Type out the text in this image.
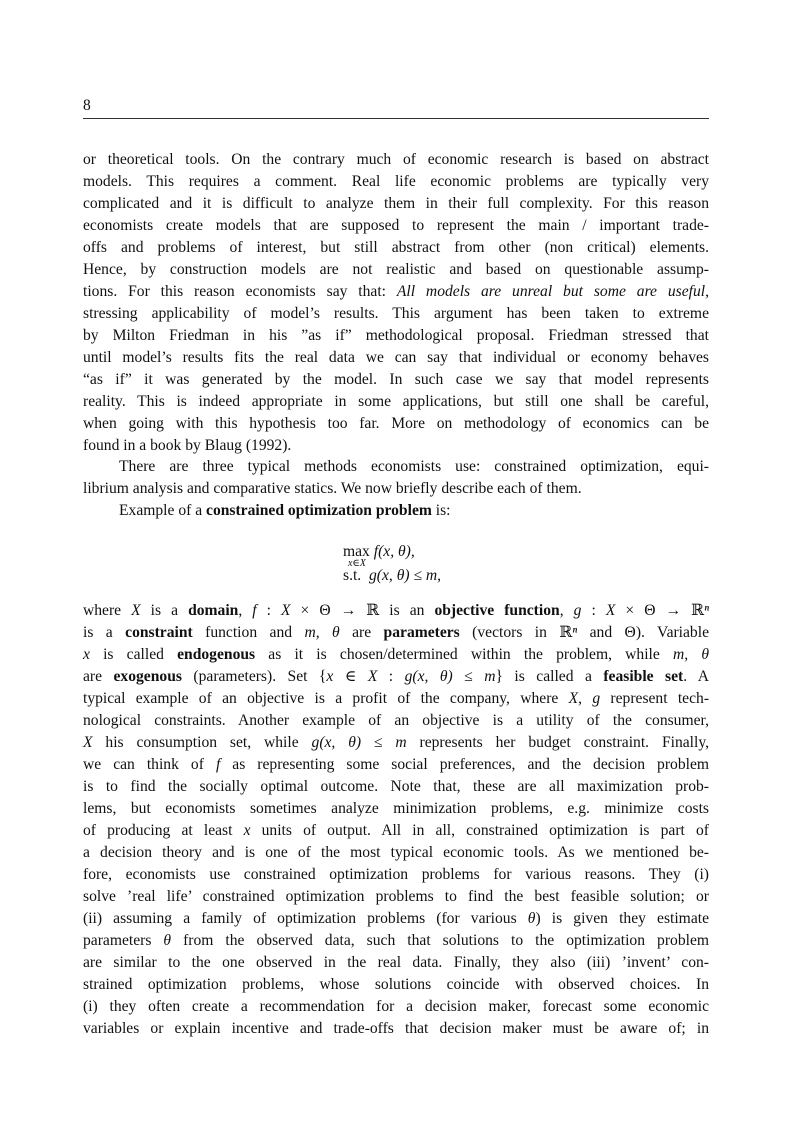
8
or theoretical tools. On the contrary much of economic research is based on abstract
models. This requires a comment. Real life economic problems are typically very
complicated and it is difficult to analyze them in their full complexity. For this reason
economists create models that are supposed to represent the main / important trade-
offs and problems of interest, but still abstract from other (non critical) elements.
Hence, by construction models are not realistic and based on questionable assump-
tions. For this reason economists say that: All models are unreal but some are useful,
stressing applicability of model’s results. This argument has been taken to extreme
by Milton Friedman in his ”as if” methodological proposal. Friedman stressed that
until model’s results fits the real data we can say that individual or economy behaves
“as if” it was generated by the model. In such case we say that model represents
reality. This is indeed appropriate in some applications, but still one shall be careful,
when going with this hypothesis too far. More on methodology of economics can be
found in a book by Blaug (1992).
There are three typical methods economists use: constrained optimization, equi-
librium analysis and comparative statics. We now briefly describe each of them.
Example of a constrained optimization problem is:
max
x∈X
f(x, θ),
s.t. g(x, θ) ≤ m,
where X is a domain, f : X × Θ → ℝ is an objective function, g : X × Θ → ℝⁿ
is a constraint function and m, θ are parameters (vectors in ℝⁿ and Θ). Variable
x is called endogenous as it is chosen/determined within the problem, while m, θ
are exogenous (parameters). Set {x ∈ X : g(x, θ) ≤ m} is called a feasible set. A
typical example of an objective is a profit of the company, where X, g represent tech-
nological constraints. Another example of an objective is a utility of the consumer,
X his consumption set, while g(x, θ) ≤ m represents her budget constraint. Finally,
we can think of f as representing some social preferences, and the decision problem
is to find the socially optimal outcome. Note that, these are all maximization prob-
lems, but economists sometimes analyze minimization problems, e.g. minimize costs
of producing at least x units of output. All in all, constrained optimization is part of
a decision theory and is one of the most typical economic tools. As we mentioned be-
fore, economists use constrained optimization problems for various reasons. They (i)
solve ’real life’ constrained optimization problems to find the best feasible solution; or
(ii) assuming a family of optimization problems (for various θ) is given they estimate
parameters θ from the observed data, such that solutions to the optimization problem
are similar to the one observed in the real data. Finally, they also (iii) ’invent’ con-
strained optimization problems, whose solutions coincide with observed choices. In
(i) they often create a recommendation for a decision maker, forecast some economic
variables or explain incentive and trade-offs that decision maker must be aware of; in
